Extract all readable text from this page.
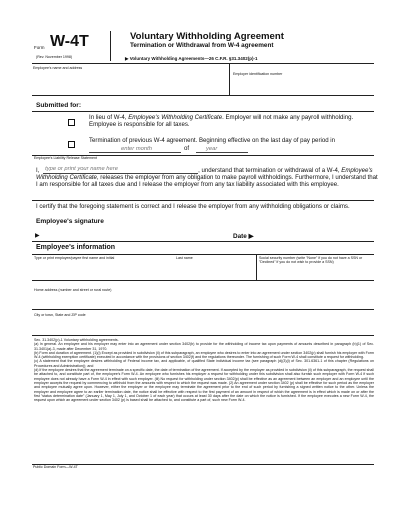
Form W-4T
(Rev. November 1998)
Voluntary Withholding Agreement
Termination or Withdrawal from W-4 agreement
▶ Voluntary Withholding Agreements—26 C.F.R. §31.3402(p)-1
Employee's name and address
Employer identification number
Submitted for:
In lieu of W-4, Employee's Withholding Certificate. Employer will not make any payroll withholding. Employee is responsible for all taxes.
Termination of previous W-4 agreement. Beginning effective on the last day of pay period in
enter month	of	year
Employee's Liability Release Statement
I, type or print your name here	, understand that termination or withdrawal of a W-4, Employee's Withholding Certificate, releases the employer from any obligation to make payroll withholdings. Furthermore, I understand that I am responsible for all taxes due and I release the employer from any tax liability associated with this employee.
I certify that the foregoing statement is correct and I release the employer from any withholding obligations or claims.
Employee's signature
▶	Date ▶
Employee's information
Type or print employee/payee first name and initial	Last name	Social security number (write "None" if you do not have a SSN or "Declined" if you do not wish to provide a SSN)
Home address (number and street or rural route)
City or town, State and ZIP code
Sec. 31.3402(p)-1 Voluntary withholding agreements.
(a) In general. An employee and his employer may enter into an agreement under section 3402(b) to provide for the withholding of income tax upon payments of amounts described in paragraph (b)(1) of Sec. 31.3401(a)-3, made after December 31, 1970.
(b) Form and duration of agreement. (1)(i) Except as provided in subdivision (ii) of this subparagraph, an employee who desires to enter into an agreement under section 3402(p) shall furnish his employer with Form W-4 (withholding exemption certificate) executed in accordance with the provisions of section 3402(f) and the regulations thereunder. The furnishing of such Form W-4 shall constitute a request for withholding.
(c) A statement that the employee desires withholding of Federal income tax, and applicable, of qualified State individual income tax (see paragraph (d)(3)(i) of Sec. 301.6361-1 of this chapter (Regulations on Procedures and Administration)); and
(d) If the employee desires that the agreement terminate on a specific date, the date of termination of the agreement. If accepted by the employer as provided in subdivision (ii) of this subparagraph, the request shall be attached to, and constitute part of, the employee's Form W-4. An employee who furnishes his employer a request for withholding under this subdivision shall also furnish such employer with Form W-4 if such employee does not already have a Form W-4 in effect with such employer. (iii) No request for withholding under section 3402(p) shall be effective as an agreement between an employer and an employee until the employer accepts the request by commencing to withhold from the amounts with respect to which the request was made. (2) An agreement under section 3402 (p) shall be effective for such period as the employer and employee mutually agree upon. However, either the employer or the employee may terminate the agreement prior to the end of such period by furnishing a signed written notice to the other. Unless the employer and employee agree to an earlier termination date, the notice shall be effective with respect to the first payment of an amount in respect of which the agreement is in effect which is made on or after the first "status determination date" (January 1, May 1, July 1, and October 1 of each year) that occurs at least 30 days after the date on which the notice is furnished. If the employee executes a new Form W-4, the request upon which an agreement under section 3402 (p) is based shall be attached to, and constitute a part of, such new Form W-4.
Public Domain Form—W-4T
